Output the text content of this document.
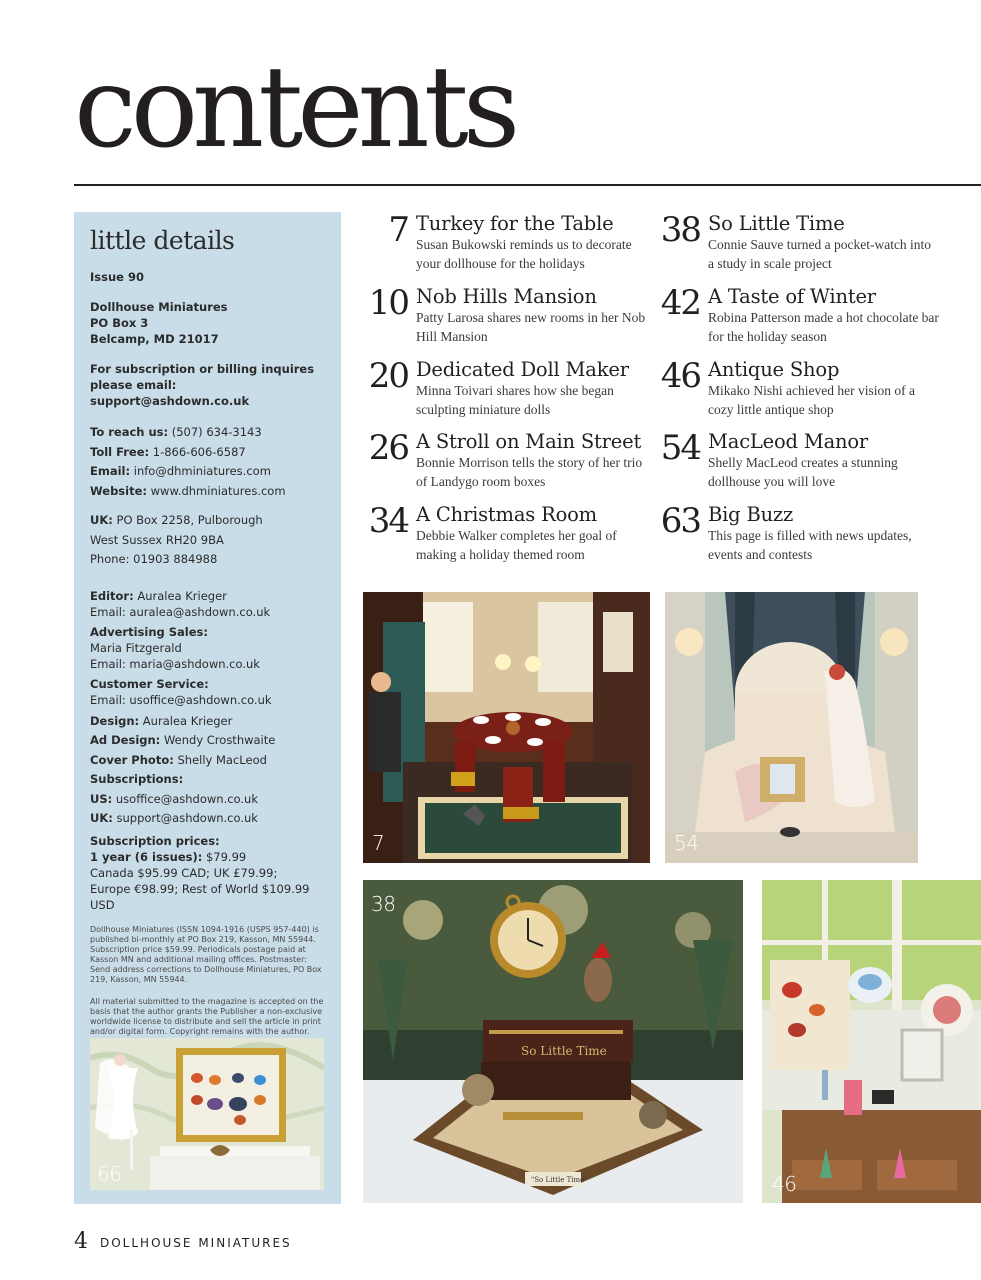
contents
little details
Issue 90
Dollhouse Miniatures
PO Box 3
Belcamp, MD 21017
For subscription or billing inquires please email: support@ashdown.co.uk
To reach us: (507) 634-3143
Toll Free: 1-866-606-6587
Email: info@dhminiatures.com
Website: www.dhminiatures.com
UK: PO Box 2258, Pulborough
West Sussex RH20 9BA
Phone: 01903 884988
Editor: Auralea Krieger
Email: auralea@ashdown.co.uk
Advertising Sales:
Maria Fitzgerald
Email: maria@ashdown.co.uk
Customer Service:
Email: usoffice@ashdown.co.uk
Design: Auralea Krieger
Ad Design: Wendy Crosthwaite
Cover Photo: Shelly MacLeod
Subscriptions:
US: usoffice@ashdown.co.uk
UK: support@ashdown.co.uk
Subscription prices:
1 year (6 issues): $79.99
Canada $95.99 CAD; UK £79.99;
Europe €98.99; Rest of World $109.99 USD
Dollhouse Miniatures (ISSN 1094-1916 (USPS 957-440) is published bi-monthly at PO Box 219, Kasson, MN 55944. Subscription price $59.99. Periodicals postage paid at Kasson MN and additional mailing offices. Postmaster: Send address corrections to Dollhouse Miniatures, PO Box 219, Kasson, MN 55944.
All material submitted to the magazine is accepted on the basis that the author grants the Publisher a non-exclusive worldwide license to distribute and sell the article in print and/or digital form. Copyright remains with the author.
66
7 Turkey for the Table
Susan Bukowski reminds us to decorate your dollhouse for the holidays
10 Nob Hills Mansion
Patty Larosa shares new rooms in her Nob Hill Mansion
20 Dedicated Doll Maker
Minna Toivari shares how she began sculpting miniature dolls
26 A Stroll on Main Street
Bonnie Morrison tells the story of her trio of Landygo room boxes
34 A Christmas Room
Debbie Walker completes her goal of making a holiday themed room
38 So Little Time
Connie Sauve turned a pocket-watch into a study in scale project
42 A Taste of Winter
Robina Patterson made a hot chocolate bar for the holiday season
46 Antique Shop
Mikako Nishi achieved her vision of a cozy little antique shop
54 MacLeod Manor
Shelly MacLeod creates a stunning dollhouse you will love
63 Big Buzz
This page is filled with news updates, events and contests
7	54
So Little Time
"So Little Time"
38
46
4 DOLLHOUSE MINIATURES
